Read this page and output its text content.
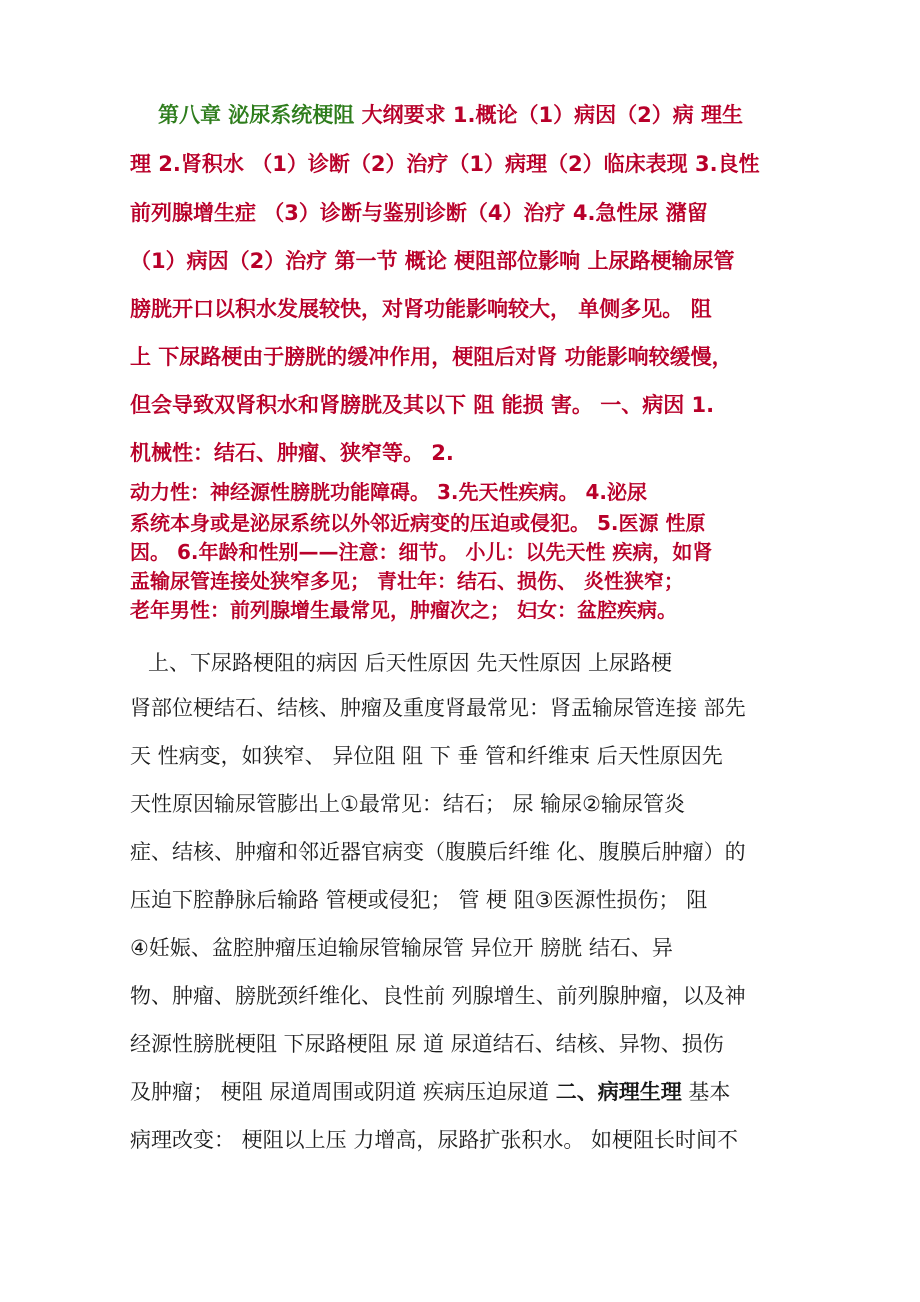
第八章 泌尿系统梗阻 大纲要求 1.概论（1）病因（2）病 理生
理 2.肾积水 （1）诊断（2）治疗（1）病理（2）临床表现 3.良性
前列腺增生症 （3）诊断与鉴别诊断（4）治疗 4.急性尿 潴留
（1）病因（2）治疗 第一节 概论 梗阻部位影响 上尿路梗输尿管
膀胱开口以积水发展较快，对肾功能影响较大， 单侧多见。 阻
上 下尿路梗由于膀胱的缓冲作用，梗阻后对肾 功能影响较缓慢，
但会导致双肾积水和肾膀胱及其以下 阻 能损 害。 一、病因 1.
机械性：结石、肿瘤、狭窄等。 2.
动力性：神经源性膀胱功能障碍。 3.先天性疾病。 4.泌尿
系统本身或是泌尿系统以外邻近病变的压迫或侵犯。 5.医源 性原
因。 6.年龄和性别——注意：细节。 小儿：以先天性 疾病，如肾
盂输尿管连接处狭窄多见； 青壮年：结石、损伤、 炎性狭窄；
老年男性：前列腺增生最常见，肿瘤次之； 妇女：盆腔疾病。
上、下尿路梗阻的病因 后天性原因 先天性原因 上尿路梗
肾部位梗结石、结核、肿瘤及重度肾最常见：肾盂输尿管连接 部先
天 性病变，如狭窄、 异位阻 阻 下 垂 管和纤维束 后天性原因先
天性原因输尿管膨出上①最常见：结石； 尿 输尿②输尿管炎
症、结核、肿瘤和邻近器官病变（腹膜后纤维 化、腹膜后肿瘤）的
压迫下腔静脉后输路 管梗或侵犯； 管 梗 阻③医源性损伤； 阻
④妊娠、盆腔肿瘤压迫输尿管输尿管 异位开 膀胱 结石、异
物、肿瘤、膀胱颈纤维化、良性前 列腺增生、前列腺肿瘤，以及神
经源性膀胱梗阻 下尿路梗阻 尿 道 尿道结石、结核、异物、损伤
及肿瘤； 梗阻 尿道周围或阴道 疾病压迫尿道 二、病理生理 基本
病理改变： 梗阻以上压 力增高，尿路扩张积水。 如梗阻长时间不
